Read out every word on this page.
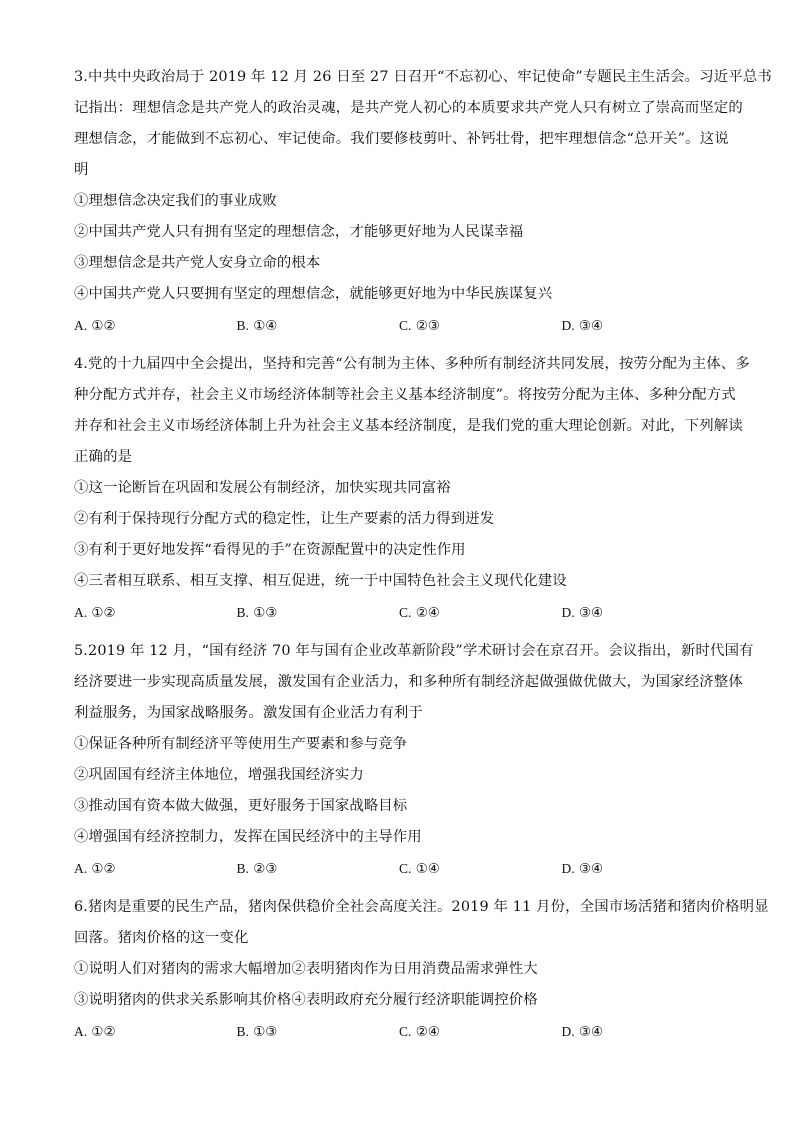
3.中共中央政治局于 2019 年 12 月 26 日至 27 日召开“不忘初心、牢记使命”专题民主生活会。习近平总书
记指出：理想信念是共产党人的政治灵魂，是共产党人初心的本质要求共产党人只有树立了崇高而坚定的
理想信念，才能做到不忘初心、牢记使命。我们要修枝剪叶、补钙壮骨，把牢理想信念“总开关”。这说
明
①理想信念决定我们的事业成败
②中国共产党人只有拥有坚定的理想信念，才能够更好地为人民谋幸福
③理想信念是共产党人安身立命的根本
④中国共产党人只要拥有坚定的理想信念，就能够更好地为中华民族谋复兴
A. ①②	B. ①④	C. ②③	D. ③④
4.党的十九届四中全会提出，坚持和完善“公有制为主体、多种所有制经济共同发展，按劳分配为主体、多
种分配方式并存，社会主义市场经济体制等社会主义基本经济制度”。将按劳分配为主体、多种分配方式
并存和社会主义市场经济体制上升为社会主义基本经济制度，是我们党的重大理论创新。对此，下列解读
正确的是
①这一论断旨在巩固和发展公有制经济，加快实现共同富裕
②有利于保持现行分配方式的稳定性，让生产要素的活力得到迸发
③有利于更好地发挥“看得见的手”在资源配置中的决定性作用
④三者相互联系、相互支撑、相互促进，统一于中国特色社会主义现代化建设
A. ①②	B. ①③	C. ②④	D. ③④
5.2019 年 12 月，“国有经济 70 年与国有企业改革新阶段”学术研讨会在京召开。会议指出，新时代国有
经济要进一步实现高质量发展，激发国有企业活力，和多种所有制经济起做强做优做大，为国家经济整体
利益服务，为国家战略服务。激发国有企业活力有利于
①保证各种所有制经济平等使用生产要素和参与竞争
②巩固国有经济主体地位，增强我国经济实力
③推动国有资本做大做强，更好服务于国家战略目标
④增强国有经济控制力，发挥在国民经济中的主导作用
A. ①②	B. ②③	C. ①④	D. ③④
6.猪肉是重要的民生产品，猪肉保供稳价全社会高度关注。2019 年 11 月份，全国市场活猪和猪肉价格明显
回落。猪肉价格的这一变化
①说明人们对猪肉的需求大幅增加②表明猪肉作为日用消费品需求弹性大
③说明猪肉的供求关系影响其价格④表明政府充分履行经济职能调控价格
A. ①②	B. ①③	C. ②④	D. ③④
